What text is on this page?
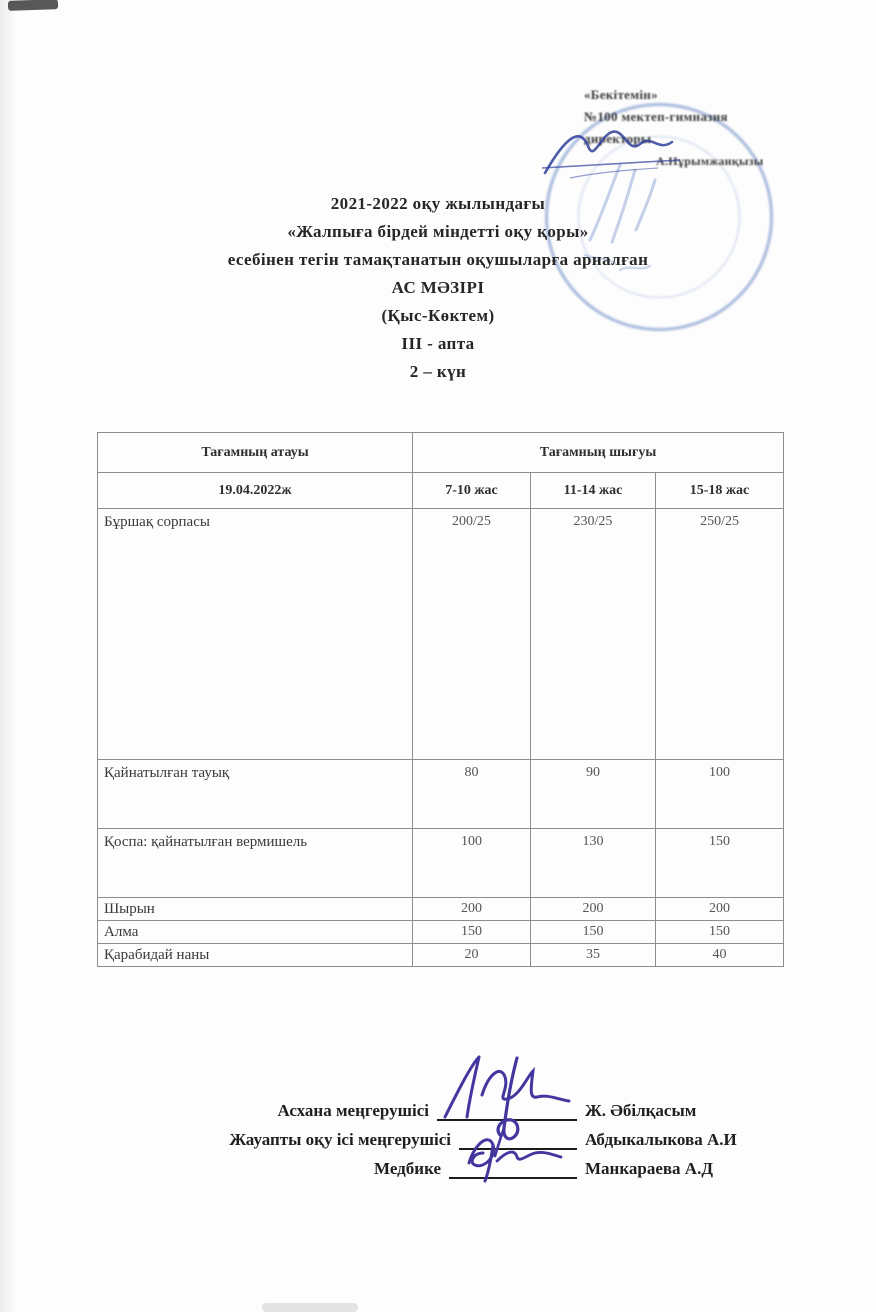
«Бекітемін»
№100 мектеп-гимназия
директоры
А.Нұрымжанқызы
2021-2022 оқу жылындағы
«Жалпыға бірдей міндетті оқу қоры»
есебінен тегін тамақтанатын оқушыларға арналған
АС МӘЗІРІ
(Қыс-Көктем)
III - апта
2 – күн
Тағамның атауы	Тағамның шығуы		
19.04.2022ж	7-10 жас	11-14 жас	15-18 жас
Бұршақ сорпасы	200/25	230/25	250/25
Қайнатылған тауық	80	90	100
Қоспа: қайнатылған вермишель	100	130	150
Шырын	200	200	200
Алма	150	150	150
Қарабидай наны	20	35	40
Асхана меңгерушісі	Ж. Әбілқасым
Жауапты оқу ісі меңгерушісі	Абдыкалыкова А.И
Медбике	Манкараева А.Д
